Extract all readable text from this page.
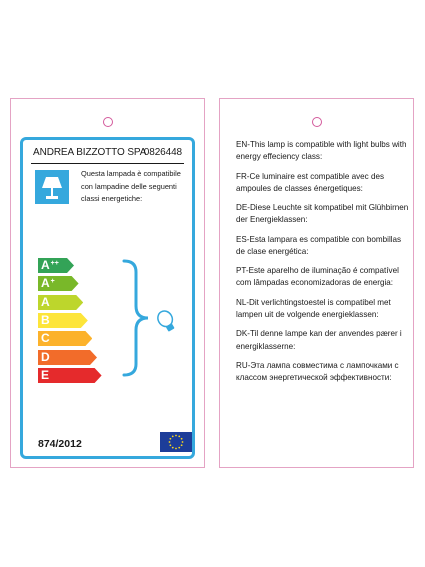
ANDREA BIZZOTTO SPA
0826448
Questa lampada è compatibile con lampadine delle seguenti classi energetiche:
A++
A+
A
B
C
D
E
874/2012
EN-This lamp is compatible with light bulbs with energy effeciency class:
FR-Ce luminaire est compatible avec des ampoules de classes énergetiques:
DE-Diese Leuchte sit kompatibel mit Glühbirnen der Energieklassen:
ES-Esta lampara es compatible con bombillas de clase energética:
PT-Este aparelho de iluminação é compatível com lâmpadas economizadoras de energia:
NL-Dit verlichtingstoestel is compatibel met lampen uit de volgende energieklassen:
DK-Til denne lampe kan der anvendes pærer i energiklasserne:
RU-Эта лампа совместима с лампочками с классом энергетической эффективности:
